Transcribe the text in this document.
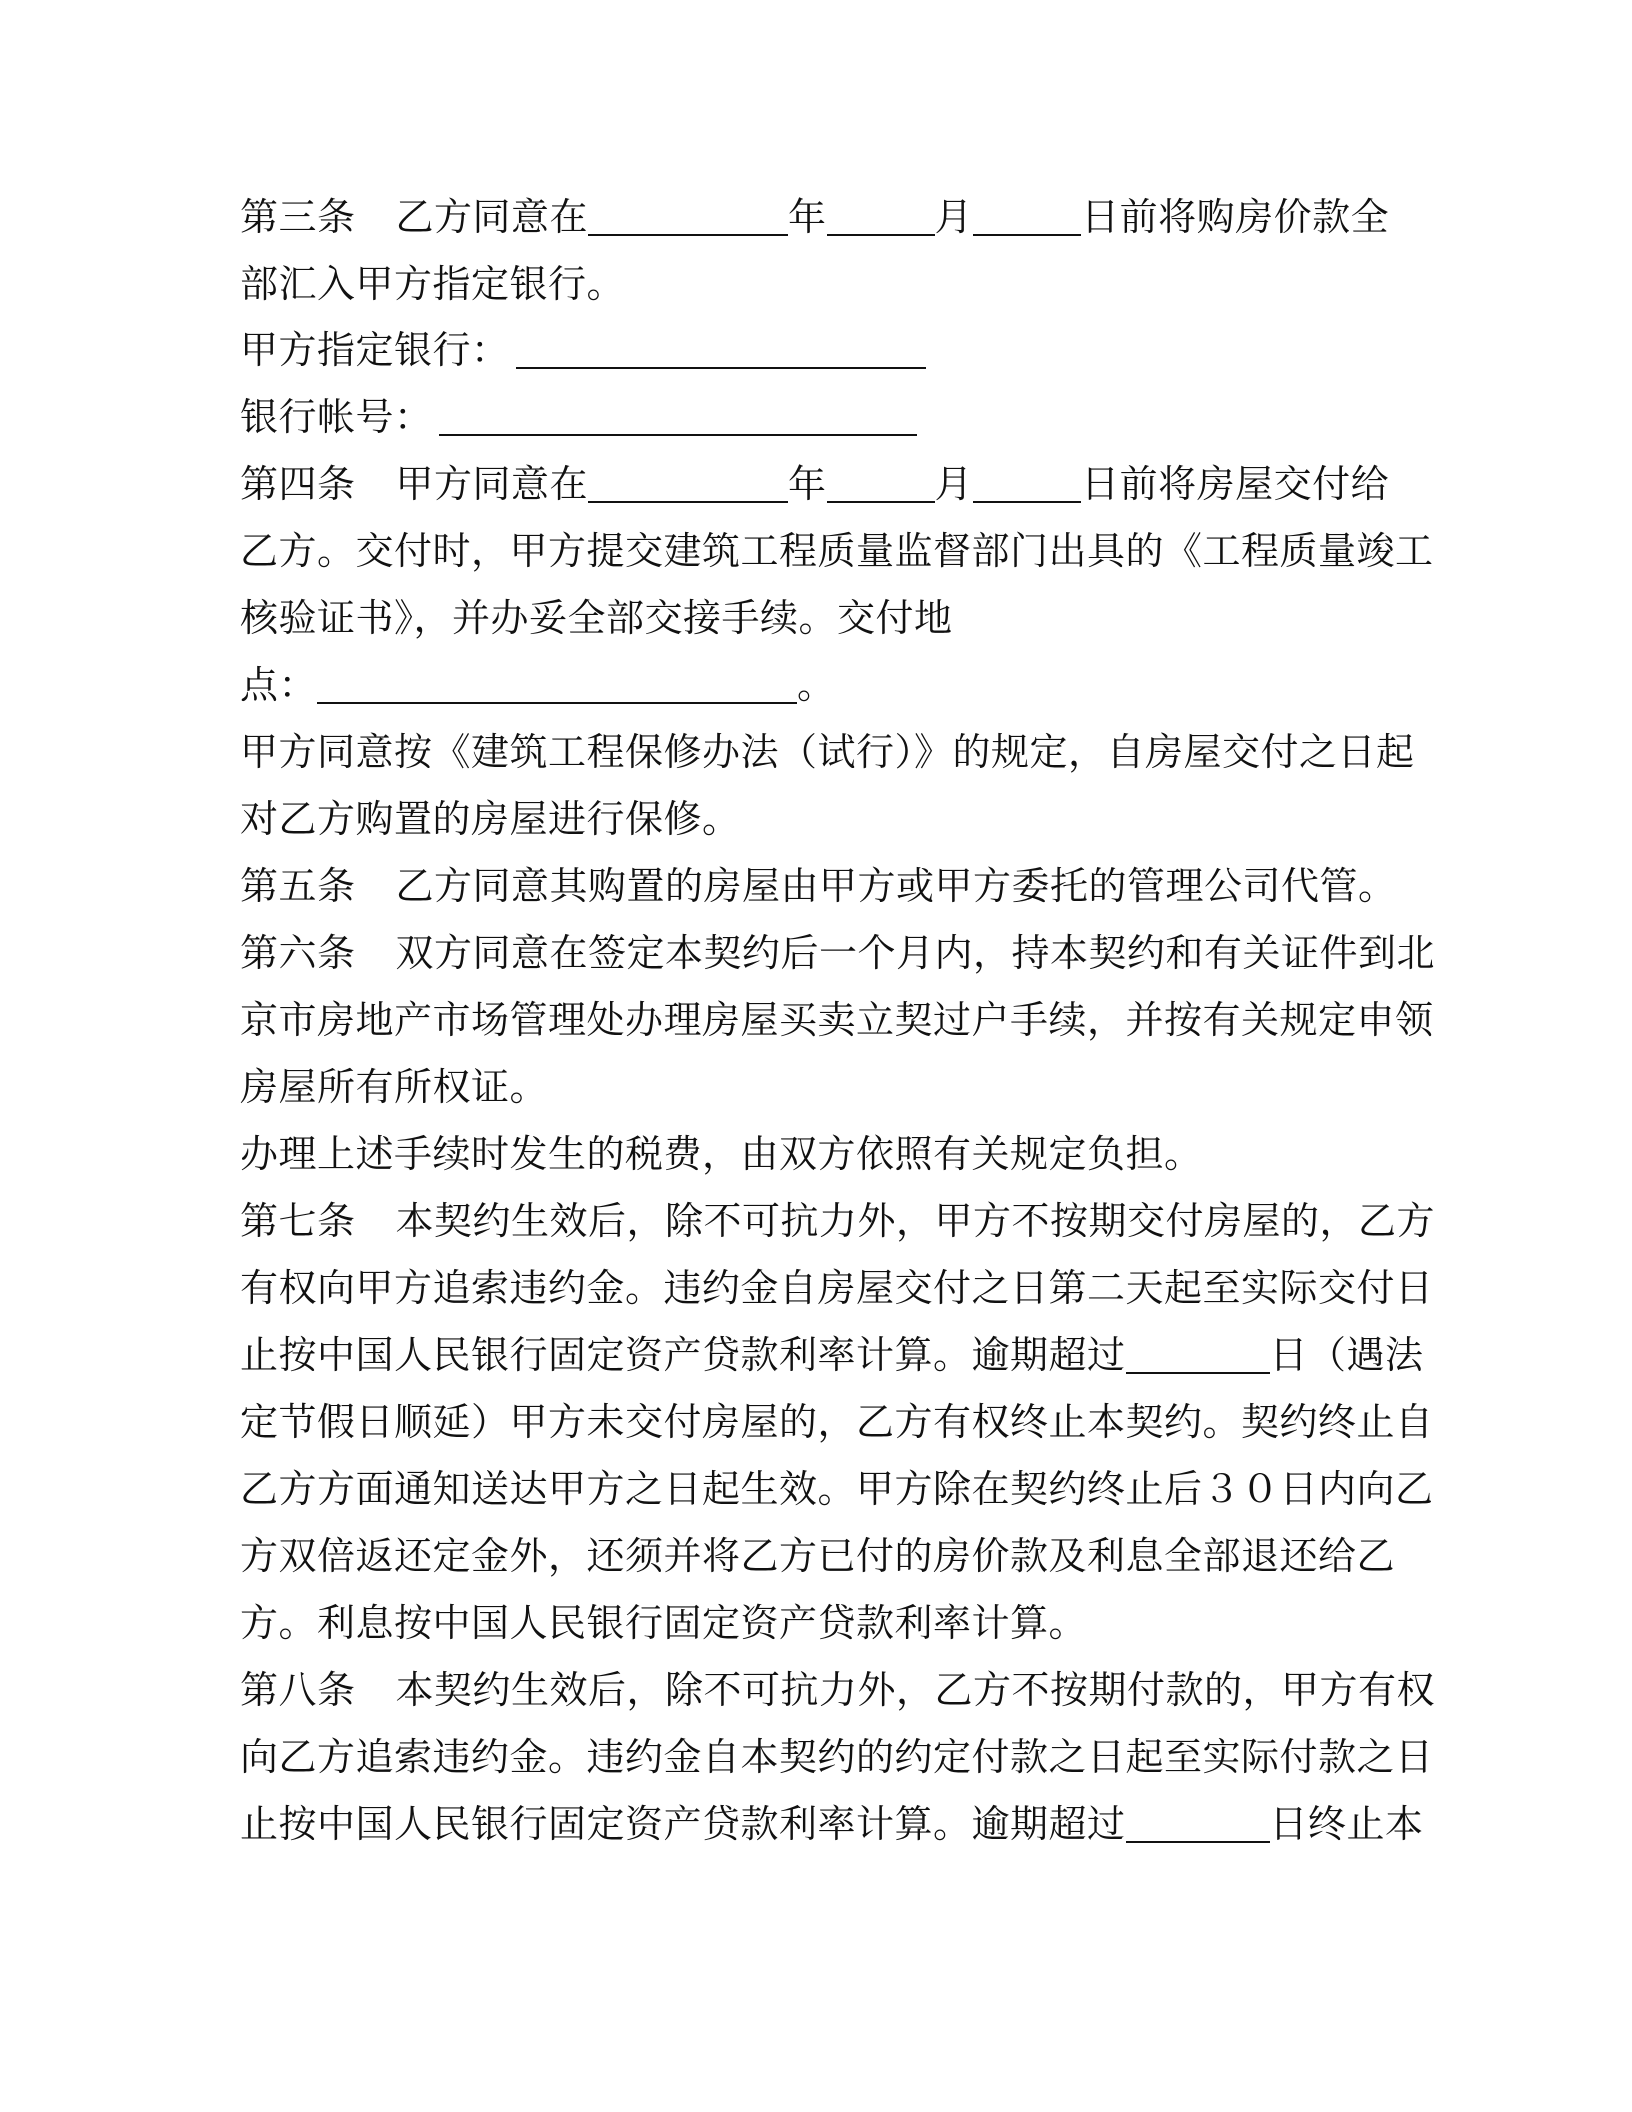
第三条 乙方同意在	年	月	日前将购房价款全
部汇入甲方指定银行。
甲方指定银行：
银行帐号：
第四条 甲方同意在	年	月	日前将房屋交付给
乙方。交付时，甲方提交建筑工程质量监督部门出具的《工程质量竣工
核验证书》，并办妥全部交接手续。交付地
点：	。
甲方同意按《建筑工程保修办法（试行）》的规定，自房屋交付之日起
对乙方购置的房屋进行保修。
第五条 乙方同意其购置的房屋由甲方或甲方委托的管理公司代管。
第六条 双方同意在签定本契约后一个月内，持本契约和有关证件到北
京市房地产市场管理处办理房屋买卖立契过户手续，并按有关规定申领
房屋所有所权证。
办理上述手续时发生的税费，由双方依照有关规定负担。
第七条 本契约生效后，除不可抗力外，甲方不按期交付房屋的，乙方
有权向甲方追索违约金。违约金自房屋交付之日第二天起至实际交付日
止按中国人民银行固定资产贷款利率计算。逾期超过	日（遇法
定节假日顺延）甲方未交付房屋的，乙方有权终止本契约。契约终止自
乙方方面通知送达甲方之日起生效。甲方除在契约终止后３０日内向乙
方双倍返还定金外，还须并将乙方已付的房价款及利息全部退还给乙
方。利息按中国人民银行固定资产贷款利率计算。
第八条 本契约生效后，除不可抗力外，乙方不按期付款的，甲方有权
向乙方追索违约金。违约金自本契约的约定付款之日起至实际付款之日
止按中国人民银行固定资产贷款利率计算。逾期超过	日终止本
